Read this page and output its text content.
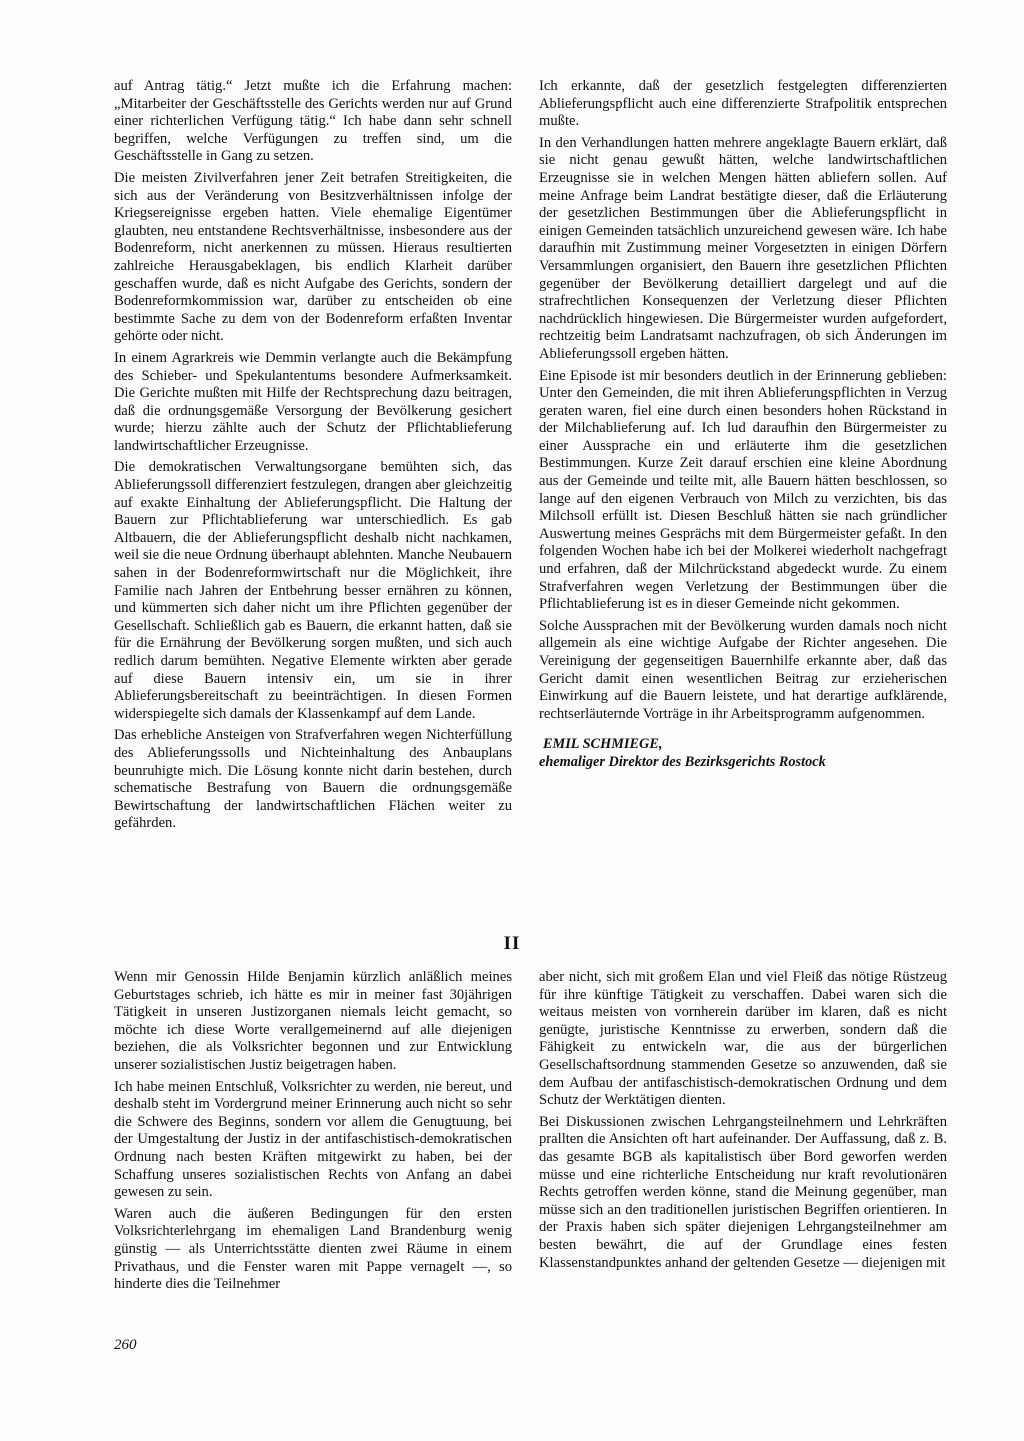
auf Antrag tätig.“ Jetzt mußte ich die Erfahrung machen: „Mitarbeiter der Geschäftsstelle des Gerichts werden nur auf Grund einer richterlichen Verfügung tätig.“ Ich habe dann sehr schnell begriffen, welche Verfügungen zu treffen sind, um die Geschäftsstelle in Gang zu setzen.

Die meisten Zivilverfahren jener Zeit betrafen Streitigkeiten, die sich aus der Veränderung von Besitzverhältnissen infolge der Kriegsereignisse ergeben hatten. Viele ehemalige Eigentümer glaubten, neu entstandene Rechtsverhältnisse, insbesondere aus der Bodenreform, nicht anerkennen zu müssen. Hieraus resultierten zahlreiche Herausgabeklagen, bis endlich Klarheit darüber geschaffen wurde, daß es nicht Aufgabe des Gerichts, sondern der Bodenreformkommission war, darüber zu entscheiden ob eine bestimmte Sache zu dem von der Bodenreform erfaßten Inventar gehörte oder nicht.

In einem Agrarkreis wie Demmin verlangte auch die Bekämpfung des Schieber- und Spekulantentums besondere Aufmerksamkeit. Die Gerichte mußten mit Hilfe der Rechtsprechung dazu beitragen, daß die ordnungsgemäße Versorgung der Bevölkerung gesichert wurde; hierzu zählte auch der Schutz der Pflichtablieferung landwirtschaftlicher Erzeugnisse.

Die demokratischen Verwaltungsorgane bemühten sich, das Ablieferungssoll differenziert festzulegen, drangen aber gleichzeitig auf exakte Einhaltung der Ablieferungspflicht. Die Haltung der Bauern zur Pflichtablieferung war unterschiedlich. Es gab Altbauern, die der Ablieferungspflicht deshalb nicht nachkamen, weil sie die neue Ordnung überhaupt ablehnten. Manche Neubauern sahen in der Bodenreformwirtschaft nur die Möglichkeit, ihre Familie nach Jahren der Entbehrung besser ernähren zu können, und kümmerten sich daher nicht um ihre Pflichten gegenüber der Gesellschaft. Schließlich gab es Bauern, die erkannt hatten, daß sie für die Ernährung der Bevölkerung sorgen mußten, und sich auch redlich darum bemühten. Negative Elemente wirkten aber gerade auf diese Bauern intensiv ein, um sie in ihrer Ablieferungsbereitschaft zu beeinträchtigen. In diesen Formen widerspiegelte sich damals der Klassenkampf auf dem Lande.

Das erhebliche Ansteigen von Strafverfahren wegen Nichterfüllung des Ablieferungssolls und Nichteinhaltung des Anbauplans beunruhigte mich. Die Lösung konnte nicht darin bestehen, durch schematische Bestrafung von Bauern die ordnungsgemäße Bewirtschaftung der landwirtschaftlichen Flächen weiter zu gefährden.

Ich erkannte, daß der gesetzlich festgelegten differenzierten Ablieferungspflicht auch eine differenzierte Strafpolitik entsprechen mußte.

In den Verhandlungen hatten mehrere angeklagte Bauern erklärt, daß sie nicht genau gewußt hätten, welche landwirtschaftlichen Erzeugnisse sie in welchen Mengen hätten abliefern sollen. Auf meine Anfrage beim Landrat bestätigte dieser, daß die Erläuterung der gesetzlichen Bestimmungen über die Ablieferungspflicht in einigen Gemeinden tatsächlich unzureichend gewesen wäre. Ich habe daraufhin mit Zustimmung meiner Vorgesetzten in einigen Dörfern Versammlungen organisiert, den Bauern ihre gesetzlichen Pflichten gegenüber der Bevölkerung detailliert dargelegt und auf die strafrechtlichen Konsequenzen der Verletzung dieser Pflichten nachdrücklich hingewiesen. Die Bürgermeister wurden aufgefordert, rechtzeitig beim Landratsamt nachzufragen, ob sich Änderungen im Ablieferungssoll ergeben hätten.

Eine Episode ist mir besonders deutlich in der Erinnerung geblieben: Unter den Gemeinden, die mit ihren Ablieferungspflichten in Verzug geraten waren, fiel eine durch einen besonders hohen Rückstand in der Milchablieferung auf. Ich lud daraufhin den Bürgermeister zu einer Aussprache ein und erläuterte ihm die gesetzlichen Bestimmungen. Kurze Zeit darauf erschien eine kleine Abordnung aus der Gemeinde und teilte mit, alle Bauern hätten beschlossen, so lange auf den eigenen Verbrauch von Milch zu verzichten, bis das Milchsoll erfüllt ist. Diesen Beschluß hätten sie nach gründlicher Auswertung meines Gesprächs mit dem Bürgermeister gefaßt. In den folgenden Wochen habe ich bei der Molkerei wiederholt nachgefragt und erfahren, daß der Milchrückstand abgedeckt wurde. Zu einem Strafverfahren wegen Verletzung der Bestimmungen über die Pflichtablieferung ist es in dieser Gemeinde nicht gekommen.

Solche Aussprachen mit der Bevölkerung wurden damals noch nicht allgemein als eine wichtige Aufgabe der Richter angesehen. Die Vereinigung der gegenseitigen Bauernhilfe erkannte aber, daß das Gericht damit einen wesentlichen Beitrag zur erzieherischen Einwirkung auf die Bauern leistete, und hat derartige aufklärende, rechtserläuternde Vorträge in ihr Arbeitsprogramm aufgenommen.

EMIL SCHMIEGE,
ehemaliger Direktor des Bezirksgerichts Rostock
II

Wenn mir Genossin Hilde Benjamin kürzlich anläßlich meines Geburtstages schrieb, ich hätte es mir in meiner fast 30jährigen Tätigkeit in unseren Justizorganen niemals leicht gemacht, so möchte ich diese Worte verallgemeinernd auf alle diejenigen beziehen, die als Volksrichter begonnen und zur Entwicklung unserer sozialistischen Justiz beigetragen haben.

Ich habe meinen Entschluß, Volksrichter zu werden, nie bereut, und deshalb steht im Vordergrund meiner Erinnerung auch nicht so sehr die Schwere des Beginns, sondern vor allem die Genugtuung, bei der Umgestaltung der Justiz in der antifaschistisch-demokratischen Ordnung nach besten Kräften mitgewirkt zu haben, bei der Schaffung unseres sozialistischen Rechts von Anfang an dabei gewesen zu sein.

Waren auch die äußeren Bedingungen für den ersten Volksrichterlehrgang im ehemaligen Land Brandenburg wenig günstig — als Unterrichtsstätte dienten zwei Räume in einem Privathaus, und die Fenster waren mit Pappe vernagelt —, so hinderte dies die Teilnehmer

aber nicht, sich mit großem Elan und viel Fleiß das nötige Rüstzeug für ihre künftige Tätigkeit zu verschaffen. Dabei waren sich die weitaus meisten von vornherein darüber im klaren, daß es nicht genügte, juristische Kenntnisse zu erwerben, sondern daß die Fähigkeit zu entwickeln war, die aus der bürgerlichen Gesellschaftsordnung stammenden Gesetze so anzuwenden, daß sie dem Aufbau der antifaschistisch-demokratischen Ordnung und dem Schutz der Werktätigen dienten.

Bei Diskussionen zwischen Lehrgangsteilnehmern und Lehrkräften prallten die Ansichten oft hart aufeinander. Der Auffassung, daß z. B. das gesamte BGB als kapitalistisch über Bord geworfen werden müsse und eine richterliche Entscheidung nur kraft revolutionären Rechts getroffen werden könne, stand die Meinung gegenüber, man müsse sich an den traditionellen juristischen Begriffen orientieren. In der Praxis haben sich später diejenigen Lehrgangsteilnehmer am besten bewährt, die auf der Grundlage eines festen Klassenstandpunktes anhand der geltenden Gesetze — diejenigen mit

260
